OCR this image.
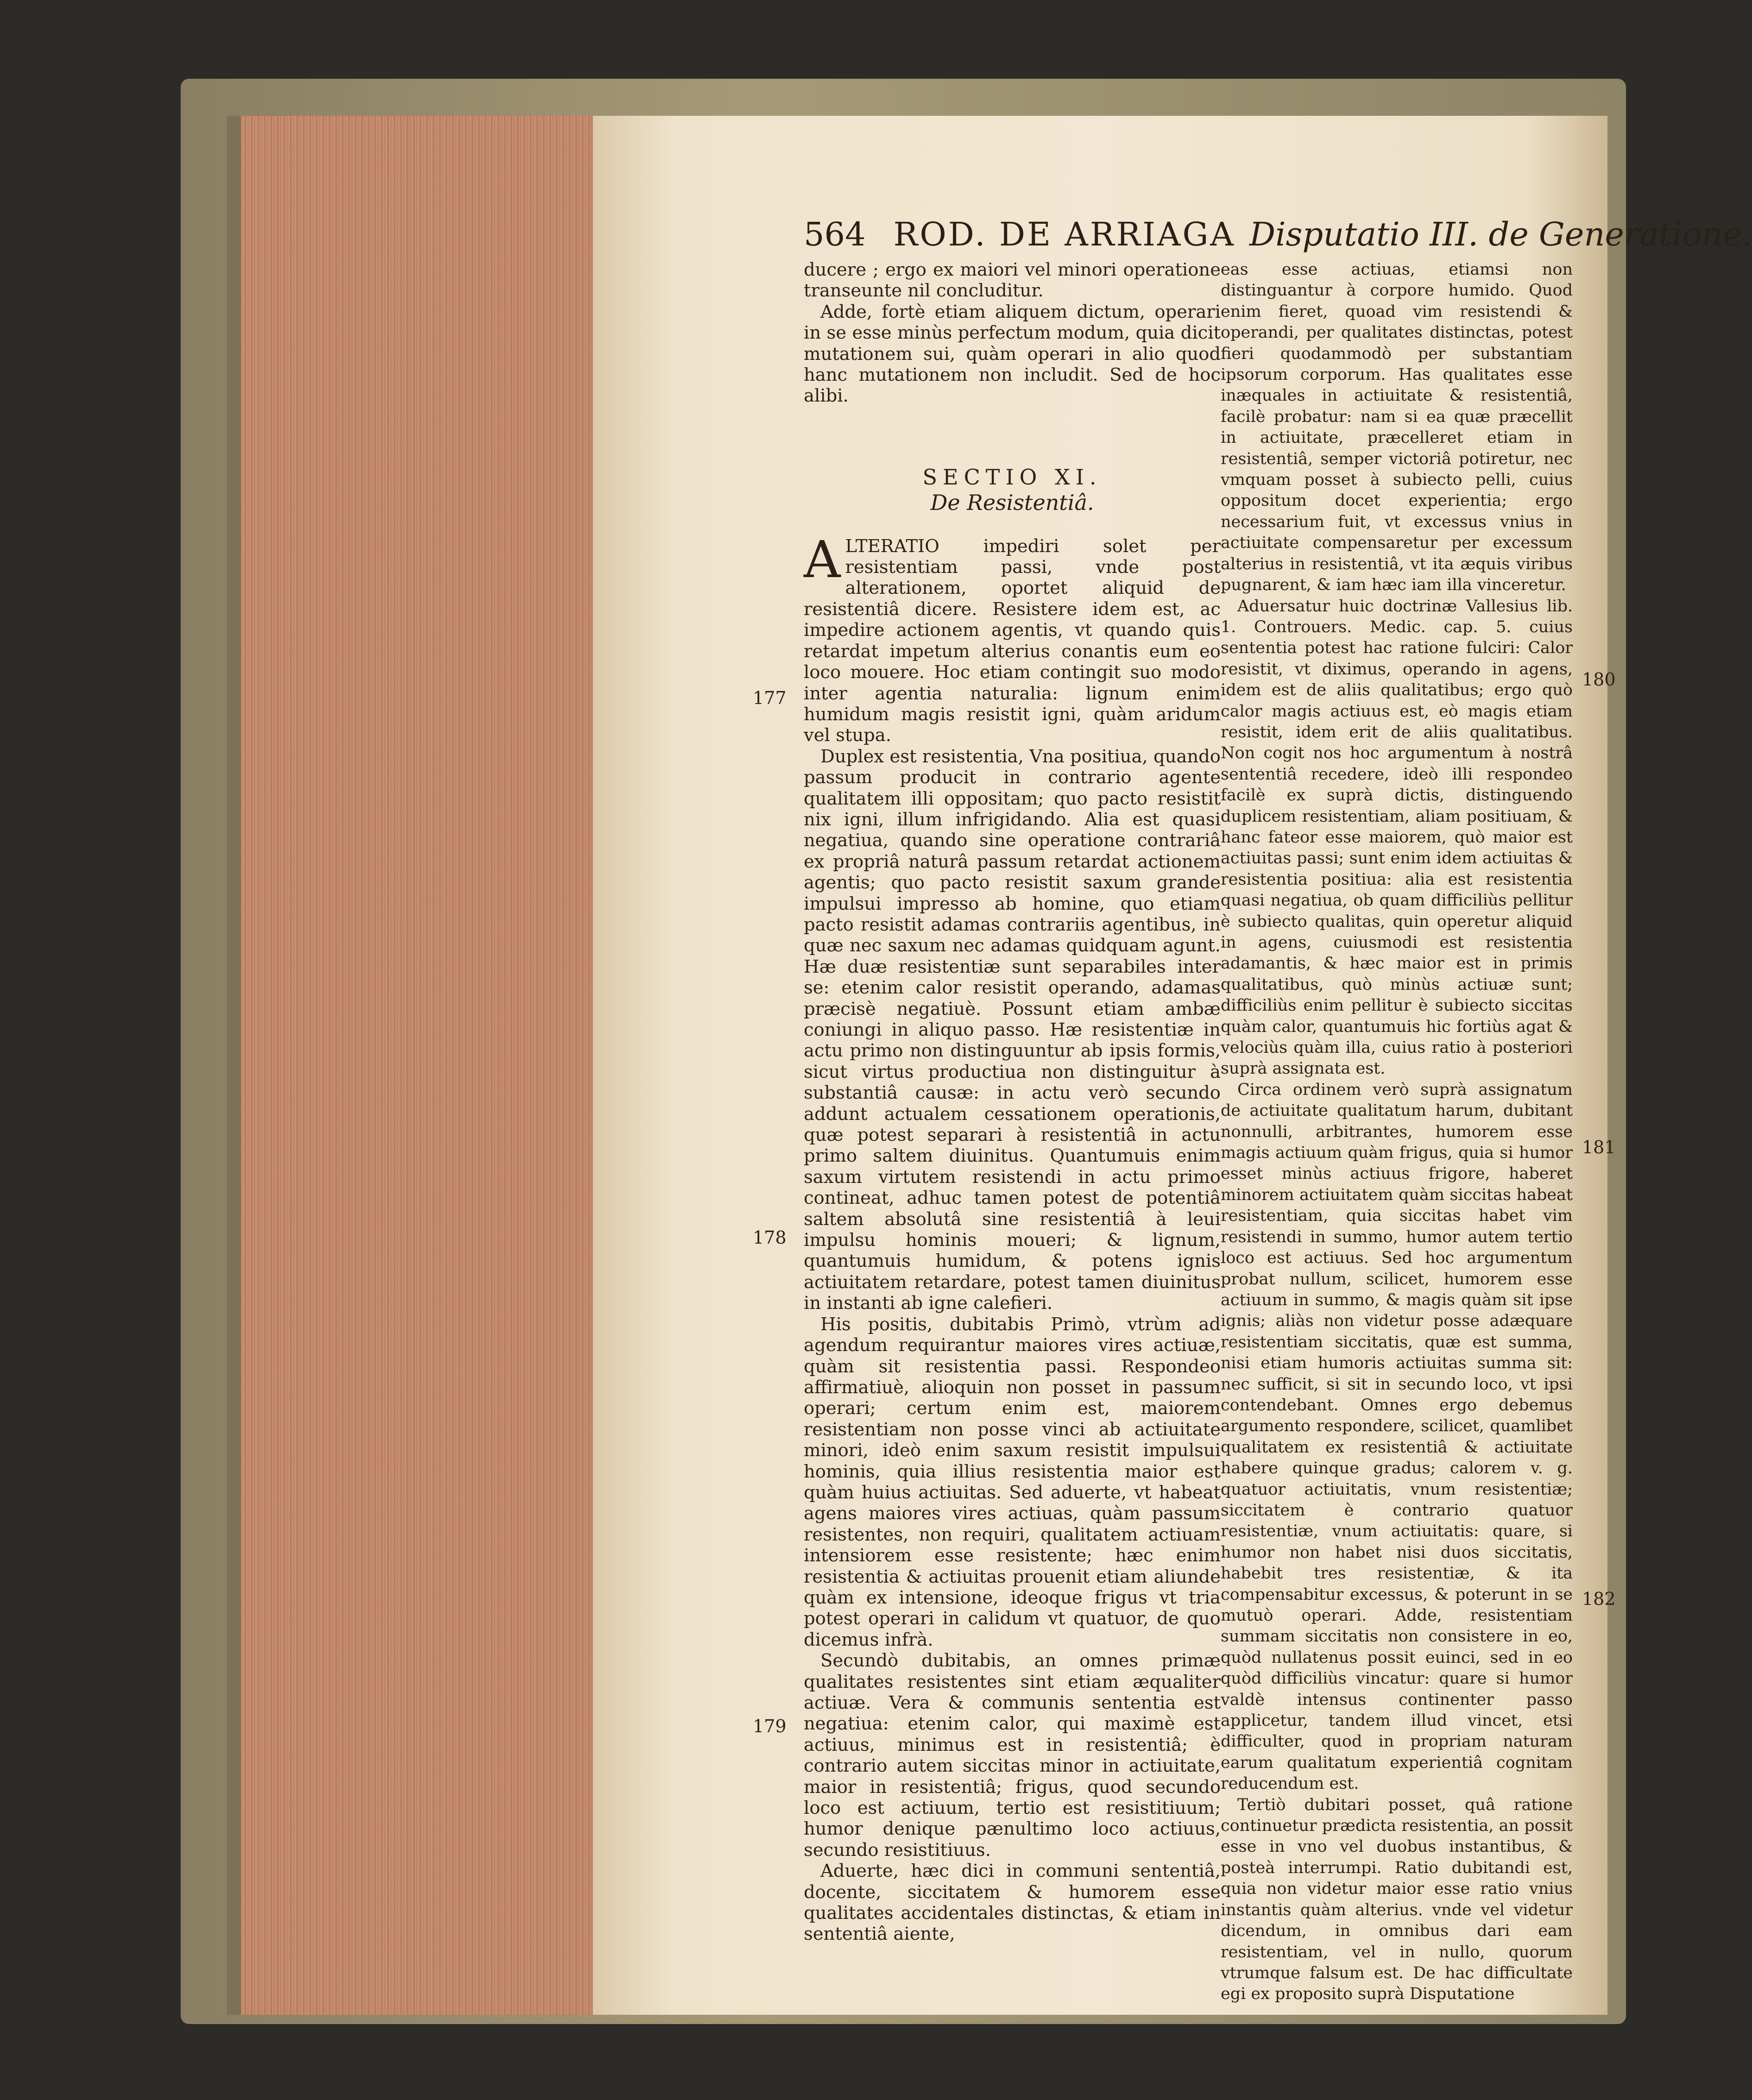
564 ROD. DE ARRIAGA Disputatio III. de Generatione.

ducere ; ergo ex maiori vel minori operatione transeunte nil concluditur.

Adde, fortè etiam aliquem dictum, operari in se esse minùs perfectum modum, quia dicit mutationem sui, quàm operari in alio quod hanc mutationem non includit. Sed de hoc alibi.

SECTIO XI.
De Resistentiâ.

ALTERATIO impediri solet per resistentiam passi, vnde post alterationem, oportet aliquid de resistentiâ dicere. Resistere idem est, ac impedire actionem agentis, vt quando quis retardat impetum alterius conantis eum eo loco mouere. Hoc etiam contingit suo modo inter agentia naturalia: lignum enim humidum magis resistit igni, quàm aridum vel stupa.

Duplex est resistentia, Vna positiua, quando passum producit in contrario agente qualitatem illi oppositam; quo pacto resistit nix igni, illum infrigidando. Alia est quasi negatiua, quando sine operatione contrariâ ex propriâ naturâ passum retardat actionem agentis; quo pacto resistit saxum grande impulsui impresso ab homine, quo etiam pacto resistit adamas contrariis agentibus, in quæ nec saxum nec adamas quidquam agunt. Hæ duæ resistentiæ sunt separabiles inter se: etenim calor resistit operando, adamas præcisè negatiuè. Possunt etiam ambæ coniungi in aliquo passo. Hæ resistentiæ in actu primo non distinguuntur ab ipsis formis, sicut virtus productiua non distinguitur à substantiâ causæ: in actu verò secundo addunt actualem cessationem operationis, quæ potest separari à resistentiâ in actu primo saltem diuinitus. Quantumuis enim saxum virtutem resistendi in actu primo contineat, adhuc tamen potest de potentiâ saltem absolutâ sine resistentiâ à leui impulsu hominis moueri; & lignum, quantumuis humidum, & potens ignis actiuitatem retardare, potest tamen diuinitus in instanti ab igne calefieri.

His positis, dubitabis Primò, vtrùm ad agendum requirantur maiores vires actiuæ, quàm sit resistentia passi. Respondeo affirmatiuè, alioquin non posset in passum operari; certum enim est, maiorem resistentiam non posse vinci ab actiuitate minori, ideò enim saxum resistit impulsui hominis, quia illius resistentia maior est quàm huius actiuitas. Sed aduerte, vt habeat agens maiores vires actiuas, quàm passum resistentes, non requiri, qualitatem actiuam intensiorem esse resistente; hæc enim resistentia & actiuitas prouenit etiam aliunde quàm ex intensione, ideoque frigus vt tria potest operari in calidum vt quatuor, de quo dicemus infrà.

Secundò dubitabis, an omnes primæ qualitates resistentes sint etiam æqualiter actiuæ. Vera & communis sententia est negatiua: etenim calor, qui maximè est actiuus, minimus est in resistentiâ; è contrario autem siccitas minor in actiuitate, maior in resistentiâ; frigus, quod secundo loco est actiuum, tertio est resistitiuum; humor denique pænultimo loco actiuus, secundo resistitiuus.

Aduerte, hæc dici in communi sententiâ, docente, siccitatem & humorem esse qualitates accidentales distinctas, & etiam in sententiâ aiente,

eas esse actiuas, etiamsi non distinguantur à corpore humido. Quod enim fieret, quoad vim resistendi & operandi, per qualitates distinctas, potest fieri quodammodò per substantiam ipsorum corporum. Has qualitates esse inæquales in actiuitate & resistentiâ, facilè probatur: nam si ea quæ præcellit in actiuitate, præcelleret etiam in resistentiâ, semper victoriâ potiretur, nec vmquam posset à subiecto pelli, cuius oppositum docet experientia; ergo necessarium fuit, vt excessus vnius in actiuitate compensaretur per excessum alterius in resistentiâ, vt ita æquis viribus pugnarent, & iam hæc iam illa vinceretur.

Aduersatur huic doctrinæ Vallesius lib. 1. Controuers. Medic. cap. 5. cuius sententia potest hac ratione fulciri: Calor resistit, vt diximus, operando in agens, idem est de aliis qualitatibus; ergo quò calor magis actiuus est, eò magis etiam resistit, idem erit de aliis qualitatibus. Non cogit nos hoc argumentum à nostrâ sententiâ recedere, ideò illi respondeo facilè ex suprà dictis, distinguendo duplicem resistentiam, aliam positiuam, & hanc fateor esse maiorem, quò maior est actiuitas passi; sunt enim idem actiuitas & resistentia positiua: alia est resistentia quasi negatiua, ob quam difficiliùs pellitur è subiecto qualitas, quin operetur aliquid in agens, cuiusmodi est resistentia adamantis, & hæc maior est in primis qualitatibus, quò minùs actiuæ sunt; difficiliùs enim pellitur è subiecto siccitas quàm calor, quantumuis hic fortiùs agat & velociùs quàm illa, cuius ratio à posteriori suprà assignata est.

Circa ordinem verò suprà assignatum de actiuitate qualitatum harum, dubitant nonnulli, arbitrantes, humorem esse magis actiuum quàm frigus, quia si humor esset minùs actiuus frigore, haberet minorem actiuitatem quàm siccitas habeat resistentiam, quia siccitas habet vim resistendi in summo, humor autem tertio loco est actiuus. Sed hoc argumentum probat nullum, scilicet, humorem esse actiuum in summo, & magis quàm sit ipse ignis; aliàs non videtur posse adæquare resistentiam siccitatis, quæ est summa, nisi etiam humoris actiuitas summa sit: nec sufficit, si sit in secundo loco, vt ipsi contendebant. Omnes ergo debemus argumento respondere, scilicet, quamlibet qualitatem ex resistentiâ & actiuitate habere quinque gradus; calorem v. g. quatuor actiuitatis, vnum resistentiæ; siccitatem è contrario quatuor resistentiæ, vnum actiuitatis: quare, si humor non habet nisi duos siccitatis, habebit tres resistentiæ, & ita compensabitur excessus, & poterunt in se mutuò operari. Adde, resistentiam summam siccitatis non consistere in eo, quòd nullatenus possit euinci, sed in eo quòd difficiliùs vincatur: quare si humor valdè intensus continenter passo applicetur, tandem illud vincet, etsi difficulter, quod in propriam naturam earum qualitatum experientiâ cognitam reducendum est.

Tertiò dubitari posset, quâ ratione continuetur prædicta resistentia, an possit esse in vno vel duobus instantibus, & posteà interrumpi. Ratio dubitandi est, quia non videtur maior esse ratio vnius instantis quàm alterius. vnde vel videtur dicendum, in omnibus dari eam resistentiam, vel in nullo, quorum vtrumque falsum est. De hac difficultate egi ex proposito suprà Disputatione

177
178
179
180
181
182
